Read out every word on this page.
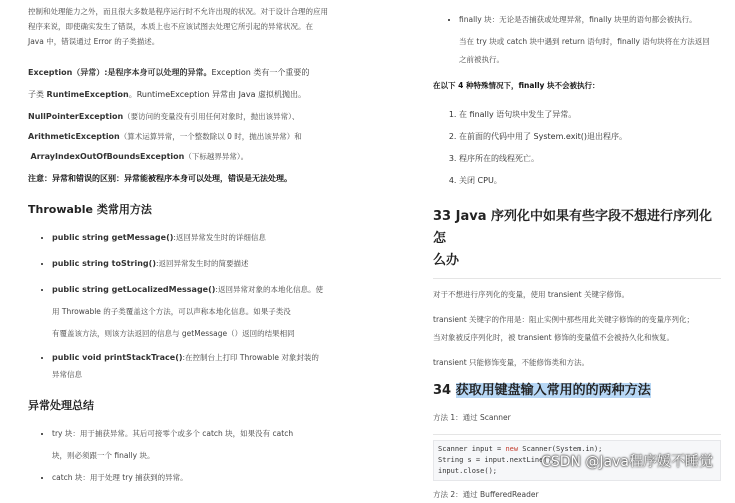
控制和处理能力之外，而且很大多数是程序运行时不允许出现的状况。对于设计合理的应用程序来说，即使确实发生了错误，本质上也不应该试图去处理它所引起的异常状况。在 Java 中，错误通过 Error 的子类描述。

Exception（异常）:是程序本身可以处理的异常。Exception 类有一个重要的

子类 RuntimeException。RuntimeException 异常由 Java 虚拟机抛出。

NullPointerException（要访问的变量没有引用任何对象时，抛出该异常）、

ArithmeticException（算术运算异常，一个整数除以 0 时，抛出该异常）和

ArrayIndexOutOfBoundsException（下标越界异常）。

注意：异常和错误的区别：异常能被程序本身可以处理，错误是无法处理。

Throwable 类常用方法

• public string getMessage():返回异常发生时的详细信息
• public string toString():返回异常发生时的简要描述
• public string getLocalizedMessage():返回异常对象的本地化信息。使
用 Throwable 的子类覆盖这个方法，可以声称本地化信息。如果子类没
有覆盖该方法，则该方法返回的信息与 getMessage（）返回的结果相同
• public void printStackTrace():在控制台上打印 Throwable 对象封装的
异常信息

异常处理总结

• try 块：用于捕获异常。其后可接零个或多个 catch 块，如果没有 catch
块，则必须跟一个 finally 块。
• catch 块：用于处理 try 捕获到的异常。
• finally 块：无论是否捕获或处理异常，finally 块里的语句都会被执行。
当在 try 块或 catch 块中遇到 return 语句时，finally 语句块将在方法返回
之前被执行。

在以下 4 种特殊情况下，finally 块不会被执行：

1. 在 finally 语句块中发生了异常。
2. 在前面的代码中用了 System.exit()退出程序。
3. 程序所在的线程死亡。
4. 关闭 CPU。

33 Java 序列化中如果有些字段不想进行序列化 怎
么办

对于不想进行序列化的变量，使用 transient 关键字修饰。

transient 关键字的作用是：阻止实例中那些用此关键字修饰的的变量序列化；
当对象被反序列化时，被 transient 修饰的变量值不会被持久化和恢复。

transient 只能修饰变量，不能修饰类和方法。

34 获取用键盘输入常用的的两种方法

方法 1：通过 Scanner

Scanner input = new Scanner(System.in);
String s = input.nextLine();
input.close();

方法 2：通过 BufferedReader

CSDN @Java程序媛不睡觉
